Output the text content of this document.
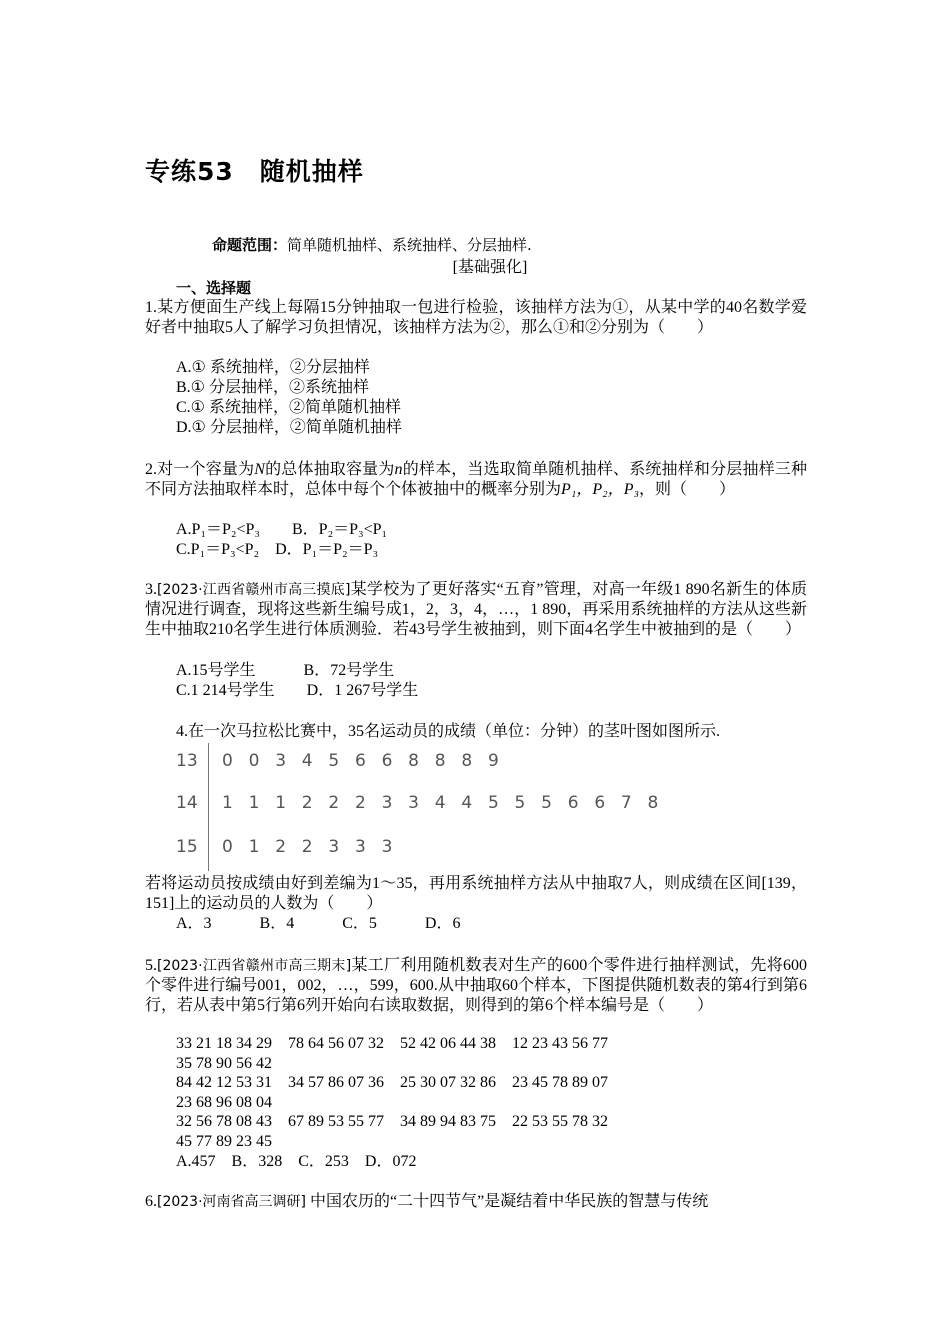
专练53　随机抽样
命题范围：简单随机抽样、系统抽样、分层抽样.
[基础强化]
一、选择题
1.某方便面生产线上每隔15分钟抽取一包进行检验，该抽样方法为①，从某中学的40名数学爱好者中抽取5人了解学习负担情况，该抽样方法为②，那么①和②分别为（　　）
A.① 系统抽样，②分层抽样
B.① 分层抽样，②系统抽样
C.① 系统抽样，②简单随机抽样
D.① 分层抽样，②简单随机抽样
2.对一个容量为N的总体抽取容量为n的样本，当选取简单随机抽样、系统抽样和分层抽样三种不同方法抽取样本时，总体中每个个体被抽中的概率分别为P₁，P₂，P₃，则（　　）
A.P₁＝P₂<P₃　　B．P₂＝P₃<P₁
C.P₁＝P₃<P₂　D．P₁＝P₂＝P₃
3.[2023·江西省赣州市高三摸底]某学校为了更好落实“五育”管理，对高一年级1 890名新生的体质情况进行调查，现将这些新生编号成1，2，3，4，…，1 890，再采用系统抽样的方法从这些新生中抽取210名学生进行体质测验．若43号学生被抽到，则下面4名学生中被抽到的是（　　）
A.15号学生　　　B．72号学生
C.1 214号学生　　D．1 267号学生
4.在一次马拉松比赛中，35名运动员的成绩（单位：分钟）的茎叶图如图所示.
13 0 0 3 4 5 6 6 8 8 8 9
14 1 1 1 2 2 2 3 3 4 4 5 5 5 6 6 7 8
15 0 1 2 2 3 3 3
若将运动员按成绩由好到差编为1～35，再用系统抽样方法从中抽取7人，则成绩在区间[139，151]上的运动员的人数为（　　）
A．3　　　B．4　　　C．5　　　D．6
5.[2023·江西省赣州市高三期末]某工厂利用随机数表对生产的600个零件进行抽样测试，先将600个零件进行编号001，002，…，599，600.从中抽取60个样本，下图提供随机数表的第4行到第6行，若从表中第5行第6列开始向右读取数据，则得到的第6个样本编号是（　　）
33 21 18 34 29　78 64 56 07 32　52 42 06 44 38　12 23 43 56 77
35 78 90 56 42
84 42 12 53 31　34 57 86 07 36　25 30 07 32 86　23 45 78 89 07
23 68 96 08 04
32 56 78 08 43　67 89 53 55 77　34 89 94 83 75　22 53 55 78 32
45 77 89 23 45
A.457　B．328　C．253　D．072
6.[2023·河南省高三调研] 中国农历的“二十四节气”是凝结着中华民族的智慧与传统
